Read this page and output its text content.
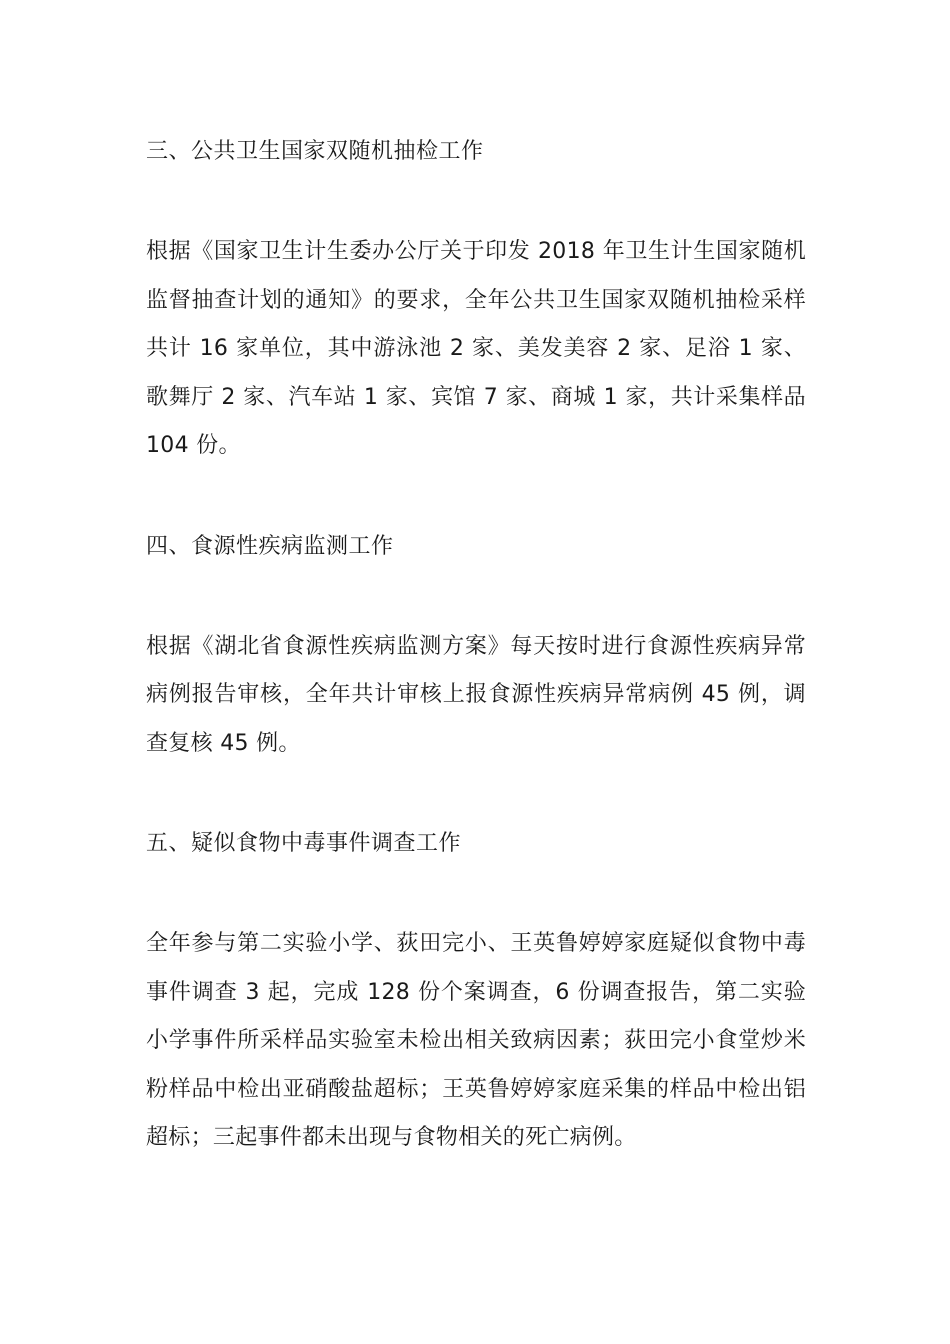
三、公共卫生国家双随机抽检工作

根据《国家卫生计生委办公厅关于印发 2018 年卫生计生国家随机监督抽查计划的通知》的要求，全年公共卫生国家双随机抽检采样共计 16 家单位，其中游泳池 2 家、美发美容 2 家、足浴 1 家、歌舞厅 2 家、汽车站 1 家、宾馆 7 家、商城 1 家，共计采集样品 104 份。

四、食源性疾病监测工作

根据《湖北省食源性疾病监测方案》每天按时进行食源性疾病异常病例报告审核，全年共计审核上报食源性疾病异常病例 45 例，调查复核 45 例。

五、疑似食物中毒事件调查工作

全年参与第二实验小学、荻田完小、王英鲁婷婷家庭疑似食物中毒事件调查 3 起，完成 128 份个案调查，6 份调查报告，第二实验小学事件所采样品实验室未检出相关致病因素；荻田完小食堂炒米粉样品中检出亚硝酸盐超标；王英鲁婷婷家庭采集的样品中检出铝超标；三起事件都未出现与食物相关的死亡病例。
